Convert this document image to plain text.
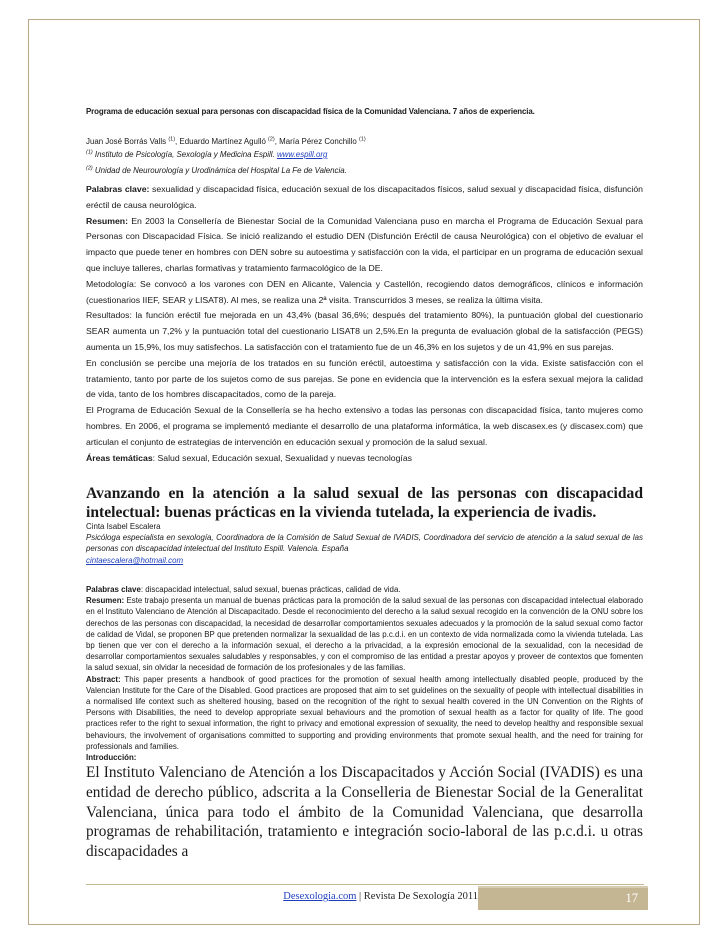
Programa de educación sexual para personas con discapacidad física de la Comunidad Valenciana. 7 años de experiencia.

Juan José Borrás Valls $^{(1)}$, Eduardo Martínez Agulló $^{(2)}$, María Pérez Conchillo $^{(1)}$

$^{(1)}$ Instituto de Psicología, Sexología y Medicina Espill. www.espill.org

$^{(2)}$ Unidad de Neurourología y Urodinámica del Hospital La Fe de Valencia.

Palabras clave: sexualidad y discapacidad física, educación sexual de los discapacitados físicos, salud sexual y discapacidad física, disfunción eréctil de causa neurológica.

Resumen: En 2003 la Consellería de Bienestar Social de la Comunidad Valenciana puso en marcha el Programa de Educación Sexual para Personas con Discapacidad Física. Se inició realizando el estudio DEN (Disfunción Eréctil de causa Neurológica) con el objetivo de evaluar el impacto que puede tener en hombres con DEN sobre su autoestima y satisfacción con la vida, el participar en un programa de educación sexual que incluye talleres, charlas formativas y tratamiento farmacológico de la DE.

Metodología: Se convocó a los varones con DEN en Alicante, Valencia y Castellón, recogiendo datos demográficos, clínicos e información (cuestionarios IIEF, SEAR y LISAT8). Al mes, se realiza una 2ª visita. Transcurridos 3 meses, se realiza la última visita.

Resultados: la función eréctil fue mejorada en un 43,4% (basal 36,6%; después del tratamiento 80%), la puntuación global del cuestionario SEAR aumenta un 7,2% y la puntuación total del cuestionario LISAT8 un 2,5%.En la pregunta de evaluación global de la satisfacción (PEGS) aumenta un 15,9%, los muy satisfechos. La satisfacción con el tratamiento fue de un 46,3% en los sujetos y de un 41,9% en sus parejas.

En conclusión se percibe una mejoría de los tratados en su función eréctil, autoestima y satisfacción con la vida. Existe satisfacción con el tratamiento, tanto por parte de los sujetos como de sus parejas. Se pone en evidencia que la intervención es la esfera sexual mejora la calidad de vida, tanto de los hombres discapacitados, como de la pareja.

El Programa de Educación Sexual de la Consellería se ha hecho extensivo a todas las personas con discapacidad física, tanto mujeres como hombres. En 2006, el programa se implementó mediante el desarrollo de una plataforma informática, la web discasex.es (y discasex.com) que articulan el conjunto de estrategias de intervención en educación sexual y promoción de la salud sexual.

Áreas temáticas: Salud sexual, Educación sexual, Sexualidad y nuevas tecnologías

Avanzando en la atención a la salud sexual de las personas con discapacidad intelectual: buenas prácticas en la vivienda tutelada, la experiencia de ivadis.

Cinta Isabel Escalera

Psicóloga especialista en sexología, Coordinadora de la Comisión de Salud Sexual de IVADIS, Coordinadora del servicio de atención a la salud sexual de las personas con discapacidad intelectual del Instituto Espill. Valencia. España

cintaescalera@hotmail.com

Palabras clave: discapacidad intelectual, salud sexual, buenas prácticas, calidad de vida.

Resumen: Este trabajo presenta un manual de buenas prácticas para la promoción de la salud sexual de las personas con discapacidad intelectual elaborado en el Instituto Valenciano de Atención al Discapacitado. Desde el reconocimiento del derecho a la salud sexual recogido en la convención de la ONU sobre los derechos de las personas con discapacidad, la necesidad de desarrollar comportamientos sexuales adecuados y la promoción de la salud sexual como factor de calidad de Vidal, se proponen BP que pretenden normalizar la sexualidad de las p.c.d.i. en un contexto de vida normalizada como la vivienda tutelada. Las bp tienen que ver con el derecho a la información sexual, el derecho a la privacidad, a la expresión emocional de la sexualidad, con la necesidad de desarrollar comportamientos sexuales saludables y responsables, y con el compromiso de las entidad a prestar apoyos y proveer de contextos que fomenten la salud sexual, sin olvidar la necesidad de formación de los profesionales y de las familias.

Abstract: This paper presents a handbook of good practices for the promotion of sexual health among intellectually disabled people, produced by the Valencian Institute for the Care of the Disabled. Good practices are proposed that aim to set guidelines on the sexuality of people with intellectual disabilities in a normalised life context such as sheltered housing, based on the recognition of the right to sexual health covered in the UN Convention on the Rights of Persons with Disabilities, the need to develop appropriate sexual behaviours and the promotion of sexual health as a factor for quality of life. The good practices refer to the right to sexual information, the right to privacy and emotional expression of sexuality, the need to develop healthy and responsible sexual behaviours, the involvement of organisations committed to supporting and providing environments that promote sexual health, and the need for training for professionals and families.

Introducción:

El Instituto Valenciano de Atención a los Discapacitados y Acción Social (IVADIS) es una entidad de derecho público, adscrita a la Conselleria de Bienestar Social de la Generalitat Valenciana, única para todo el ámbito de la Comunidad Valenciana, que desarrolla programas de rehabilitación, tratamiento e integración socio-laboral de las p.c.d.i. u otras discapacidades a

Desexologia.com | Revista De Sexología 2011	17
